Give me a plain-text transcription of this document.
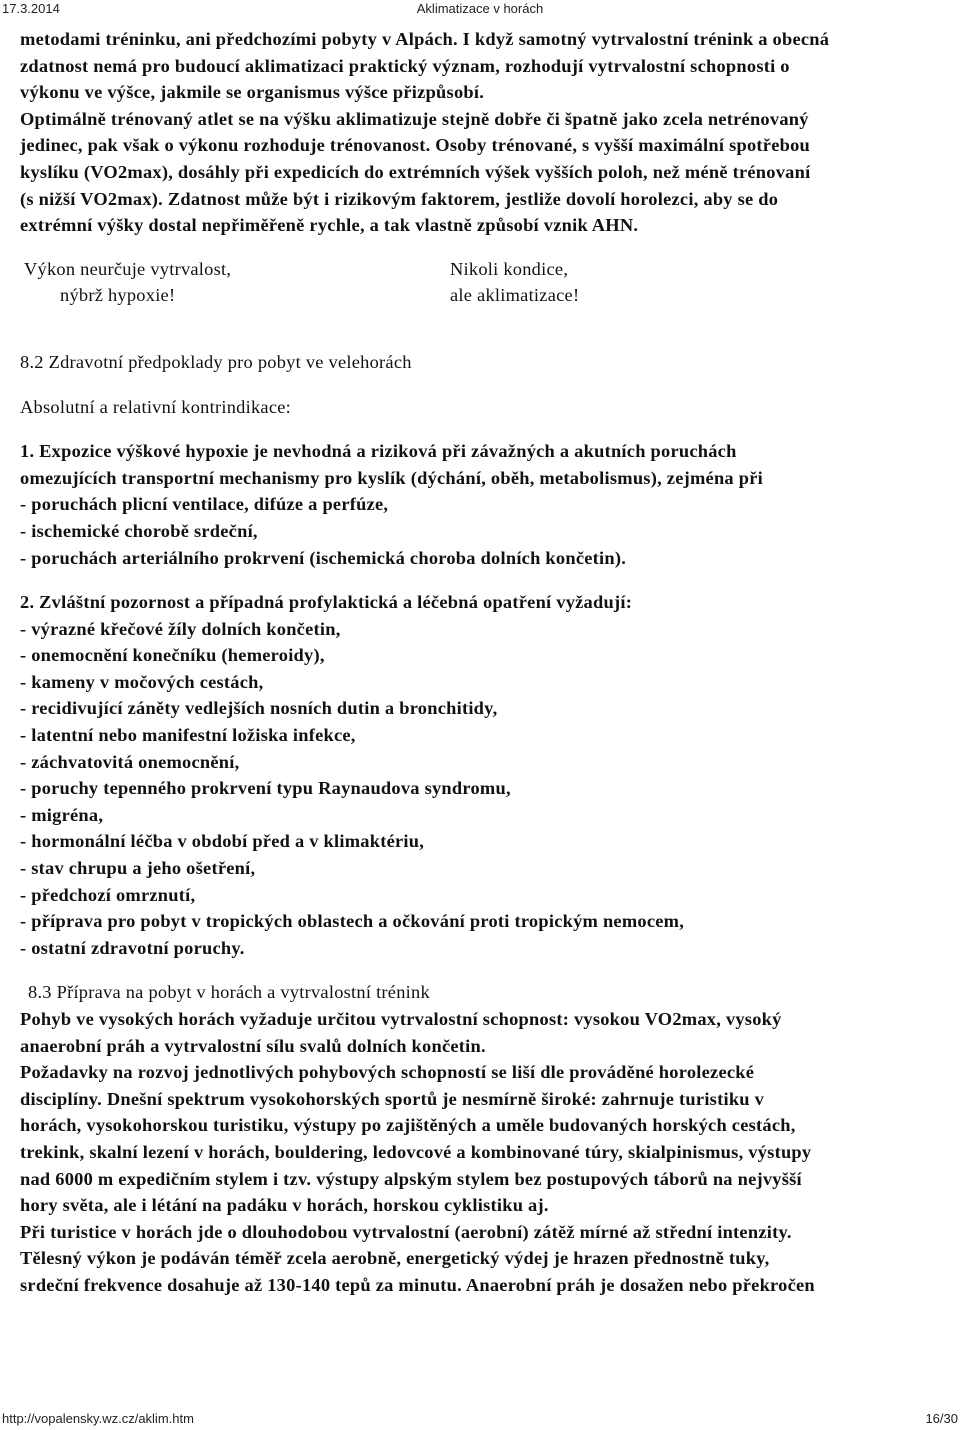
17.3.2014	Aklimatizace v horách
metodami tréninku, ani předchozími pobyty v Alpách. I když samotný vytrvalostní trénink a obecná
zdatnost nemá pro budoucí aklimatizaci praktický význam, rozhodují vytrvalostní schopnosti o
výkonu ve výšce, jakmile se organismus výšce přizpůsobí.
Optimálně trénovaný atlet se na výšku aklimatizuje stejně dobře či špatně jako zcela netrénovaný
jedinec, pak však o výkonu rozhoduje trénovanost. Osoby trénované, s vyšší maximální spotřebou
kyslíku (VO2max), dosáhly při expedicích do extrémních výšek vyšších poloh, než méně trénovaní
(s nižší VO2max). Zdatnost může být i rizikovým faktorem, jestliže dovolí horolezci, aby se do
extrémní výšky dostal nepřiměřeně rychle, a tak vlastně způsobí vznik AHN.
Výkon neurčuje vytrvalost,
nýbrž hypoxie!
Nikoli kondice,
ale aklimatizace!
8.2 Zdravotní předpoklady pro pobyt ve velehorách
Absolutní a relativní kontrindikace:
1. Expozice výškové hypoxie je nevhodná a riziková při závažných a akutních poruchách
omezujících transportní mechanismy pro kyslík (dýchání, oběh, metabolismus), zejména při
- poruchách plicní ventilace, difúze a perfúze,
- ischemické chorobě srdeční,
- poruchách arteriálního prokrvení (ischemická choroba dolních končetin).
2. Zvláštní pozornost a případná profylaktická a léčebná opatření vyžadují:
- výrazné křečové žíly dolních končetin,
- onemocnění konečníku (hemeroidy),
- kameny v močových cestách,
- recidivující záněty vedlejších nosních dutin a bronchitidy,
- latentní nebo manifestní ložiska infekce,
- záchvatovitá onemocnění,
- poruchy tepenného prokrvení typu Raynaudova syndromu,
- migréna,
- hormonální léčba v období před a v klimaktériu,
- stav chrupu a jeho ošetření,
- předchozí omrznutí,
- příprava pro pobyt v tropických oblastech a očkování proti tropickým nemocem,
- ostatní zdravotní poruchy.
8.3 Příprava na pobyt v horách a vytrvalostní trénink
Pohyb ve vysokých horách vyžaduje určitou vytrvalostní schopnost: vysokou VO2max, vysoký
anaerobní práh a vytrvalostní sílu svalů dolních končetin.
Požadavky na rozvoj jednotlivých pohybových schopností se liší dle prováděné horolezecké
disciplíny. Dnešní spektrum vysokohorských sportů je nesmírně široké: zahrnuje turistiku v
horách, vysokohorskou turistiku, výstupy po zajištěných a uměle budovaných horských cestách,
trekink, skalní lezení v horách, bouldering, ledovcové a kombinované túry, skialpinismus, výstupy
nad 6000 m expedičním stylem i tzv. výstupy alpským stylem bez postupových táborů na nejvyšší
hory světa, ale i létání na padáku v horách, horskou cyklistiku aj.
Při turistice v horách jde o dlouhodobou vytrvalostní (aerobní) zátěž mírné až střední intenzity.
Tělesný výkon je podáván téměř zcela aerobně, energetický výdej je hrazen přednostně tuky,
srdeční frekvence dosahuje až 130-140 tepů za minutu. Anaerobní práh je dosažen nebo překročen
http://vopalensky.wz.cz/aklim.htm	16/30
